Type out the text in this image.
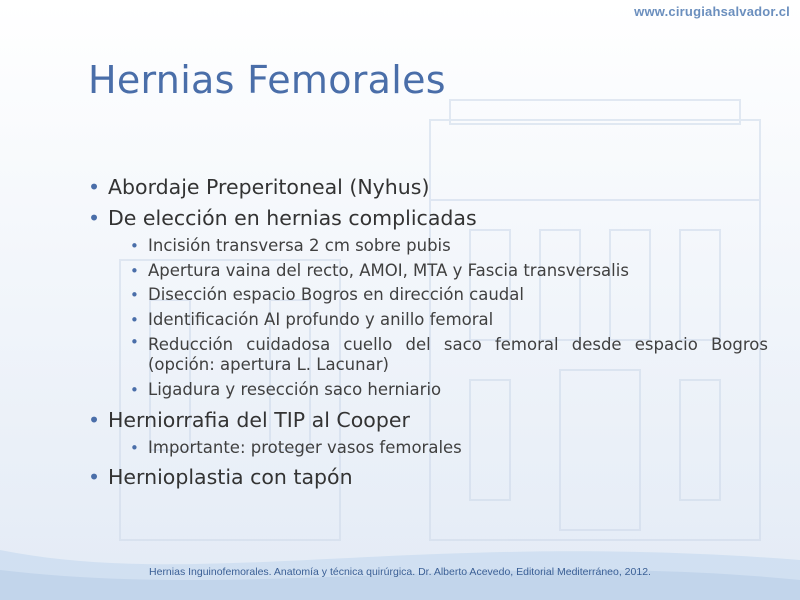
www.cirugiahsalvador.cl
Hernias Femorales
• Abordaje Preperitoneal (Nyhus)
• De elección en hernias complicadas
• Incisión transversa 2 cm sobre pubis
• Apertura vaina del recto, AMOI, MTA y Fascia transversalis
• Disección espacio Bogros en dirección caudal
• Identificación AI profundo y anillo femoral
• Reducción cuidadosa cuello del saco femoral desde espacio Bogros (opción: apertura L. Lacunar)
• Ligadura y resección saco herniario
• Herniorrafia del TIP al Cooper
• Importante: proteger vasos femorales
• Hernioplastia con tapón
Hernias Inguinofemorales. Anatomía y técnica quirúrgica. Dr. Alberto Acevedo, Editorial Mediterráneo, 2012.
